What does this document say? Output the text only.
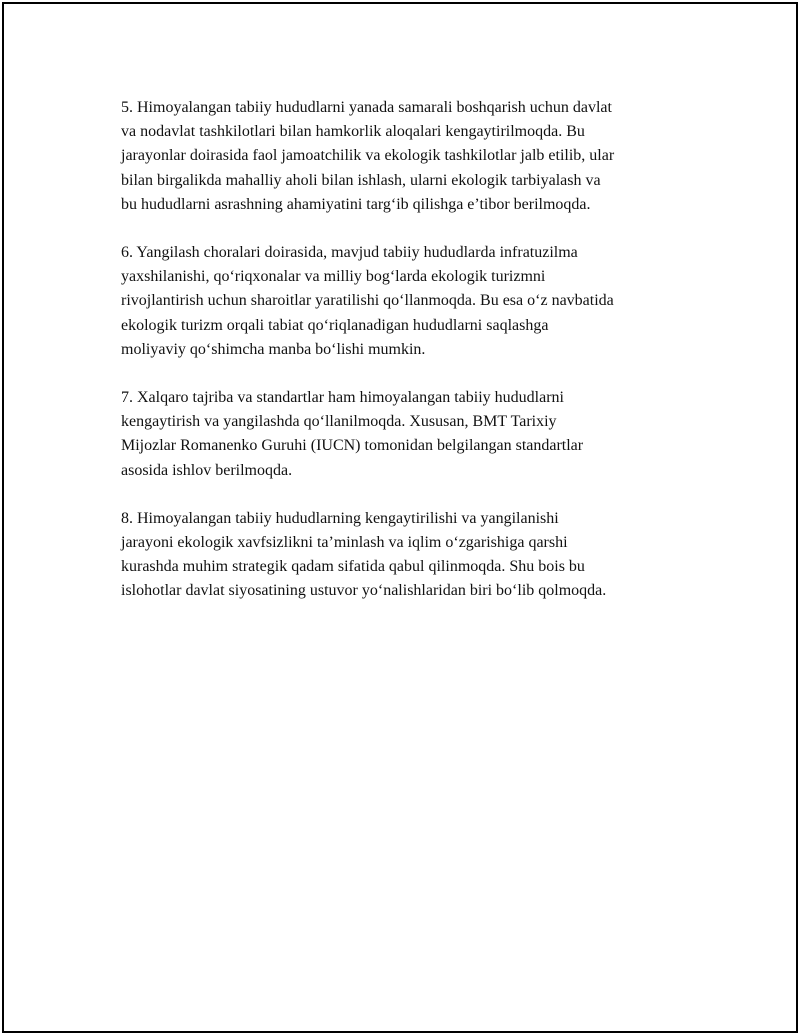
5. Himoyalangan tabiiy hududlarni yanada samarali boshqarish uchun davlat
va nodavlat tashkilotlari bilan hamkorlik aloqalari kengaytirilmoqda. Bu
jarayonlar doirasida faol jamoatchilik va ekologik tashkilotlar jalb etilib, ular
bilan birgalikda mahalliy aholi bilan ishlash, ularni ekologik tarbiyalash va
bu hududlarni asrashning ahamiyatini targ‘ib qilishga e’tibor berilmoqda.

6. Yangilash choralari doirasida, mavjud tabiiy hududlarda infratuzilma
yaxshilanishi, qo‘riqxonalar va milliy bog‘larda ekologik turizmni
rivojlantirish uchun sharoitlar yaratilishi qo‘llanmoqda. Bu esa o‘z navbatida
ekologik turizm orqali tabiat qo‘riqlanadigan hududlarni saqlashga
moliyaviy qo‘shimcha manba bo‘lishi mumkin.

7. Xalqaro tajriba va standartlar ham himoyalangan tabiiy hududlarni
kengaytirish va yangilashda qo‘llanilmoqda. Xususan, BMT Tarixiy
Mijozlar Romanenko Guruhi (IUCN) tomonidan belgilangan standartlar
asosida ishlov berilmoqda.

8. Himoyalangan tabiiy hududlarning kengaytirilishi va yangilanishi
jarayoni ekologik xavfsizlikni ta’minlash va iqlim o‘zgarishiga qarshi
kurashda muhim strategik qadam sifatida qabul qilinmoqda. Shu bois bu
islohotlar davlat siyosatining ustuvor yo‘nalishlaridan biri bo‘lib qolmoqda.
